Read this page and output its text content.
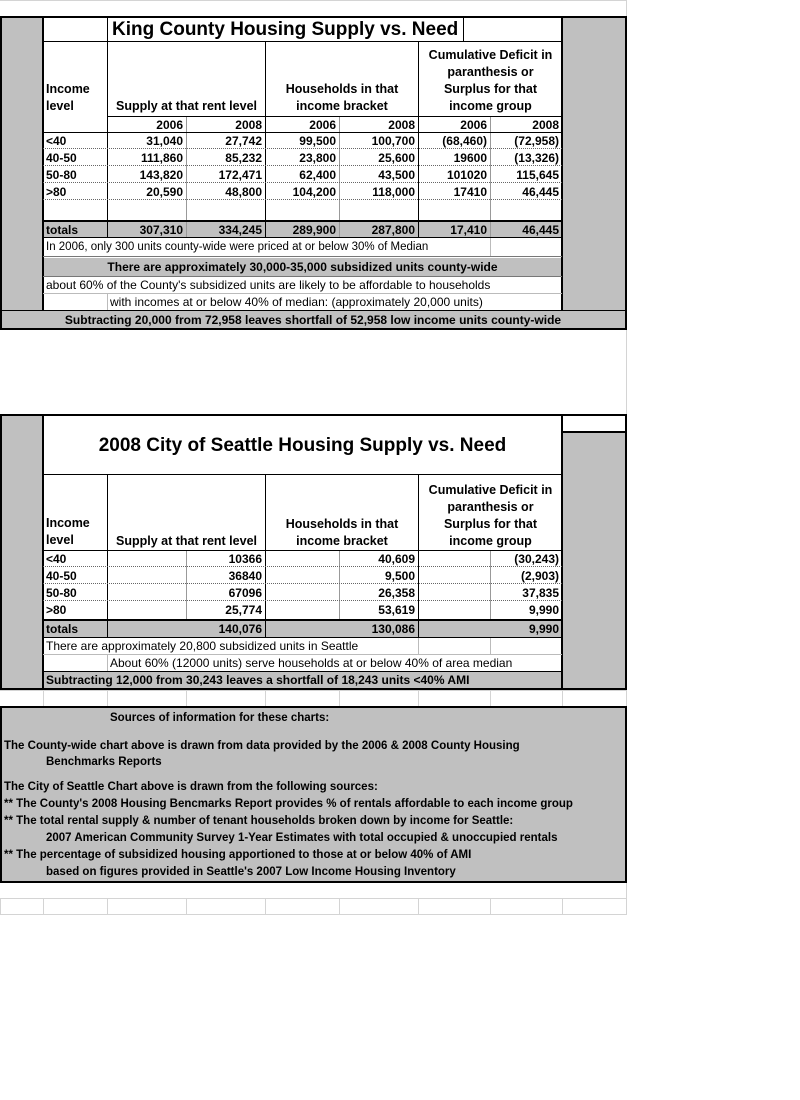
King County Housing Supply vs. Need
Income
level	Supply at that rent level
Households in that
income bracket
Cumulative Deficit in
paranthesis or
Surplus for that
income group
2006	2008	2006	2008	2006	2008
<40	31,040	27,742	99,500	100,700	(68,460)	(72,958)
40-50	111,860	85,232	23,800	25,600	19600	(13,326)
50-80	143,820	172,471	62,400	43,500	101020	115,645
>80	20,590	48,800	104,200	118,000	17410	46,445
totals	307,310	334,245	289,900	287,800	17,410	46,445
In 2006, only 300 units county-wide were priced at or below 30% of Median
There are approximately 30,000-35,000 subsidized units county-wide
about 60% of the County's subsidized units are likely to be affordable to households
with incomes at or below 40% of median: (approximately 20,000 units)
Subtracting 20,000 from 72,958 leaves shortfall of 52,958 low income units county-wide
2008 City of Seattle Housing Supply vs. Need
Income
level	Supply at that rent level
Households in that
income bracket
Cumulative Deficit in
paranthesis or
Surplus for that
income group
<40	10366	40,609	(30,243)
40-50	36840	9,500	(2,903)
50-80	67096	26,358	37,835
>80	25,774	53,619	9,990
totals	140,076	130,086	9,990
There are approximately 20,800 subsidized units in Seattle
About 60% (12000 units) serve households at or below 40% of area median
Subtracting 12,000 from 30,243 leaves a shortfall of 18,243 units <40% AMI
Sources of information for these charts:
The County-wide chart above is drawn from data provided by the 2006 & 2008 County Housing
Benchmarks Reports
The City of Seattle Chart above is drawn from the following sources:
** The County's 2008 Housing Bencmarks Report provides % of rentals affordable to each income group
** The total rental supply & number of tenant households broken down by income for Seattle:
2007 American Community Survey 1-Year Estimates with total occupied & unoccupied rentals
** The percentage of subsidized housing apportioned to those at or below 40% of AMI
based on figures provided in Seattle's 2007 Low Income Housing Inventory
